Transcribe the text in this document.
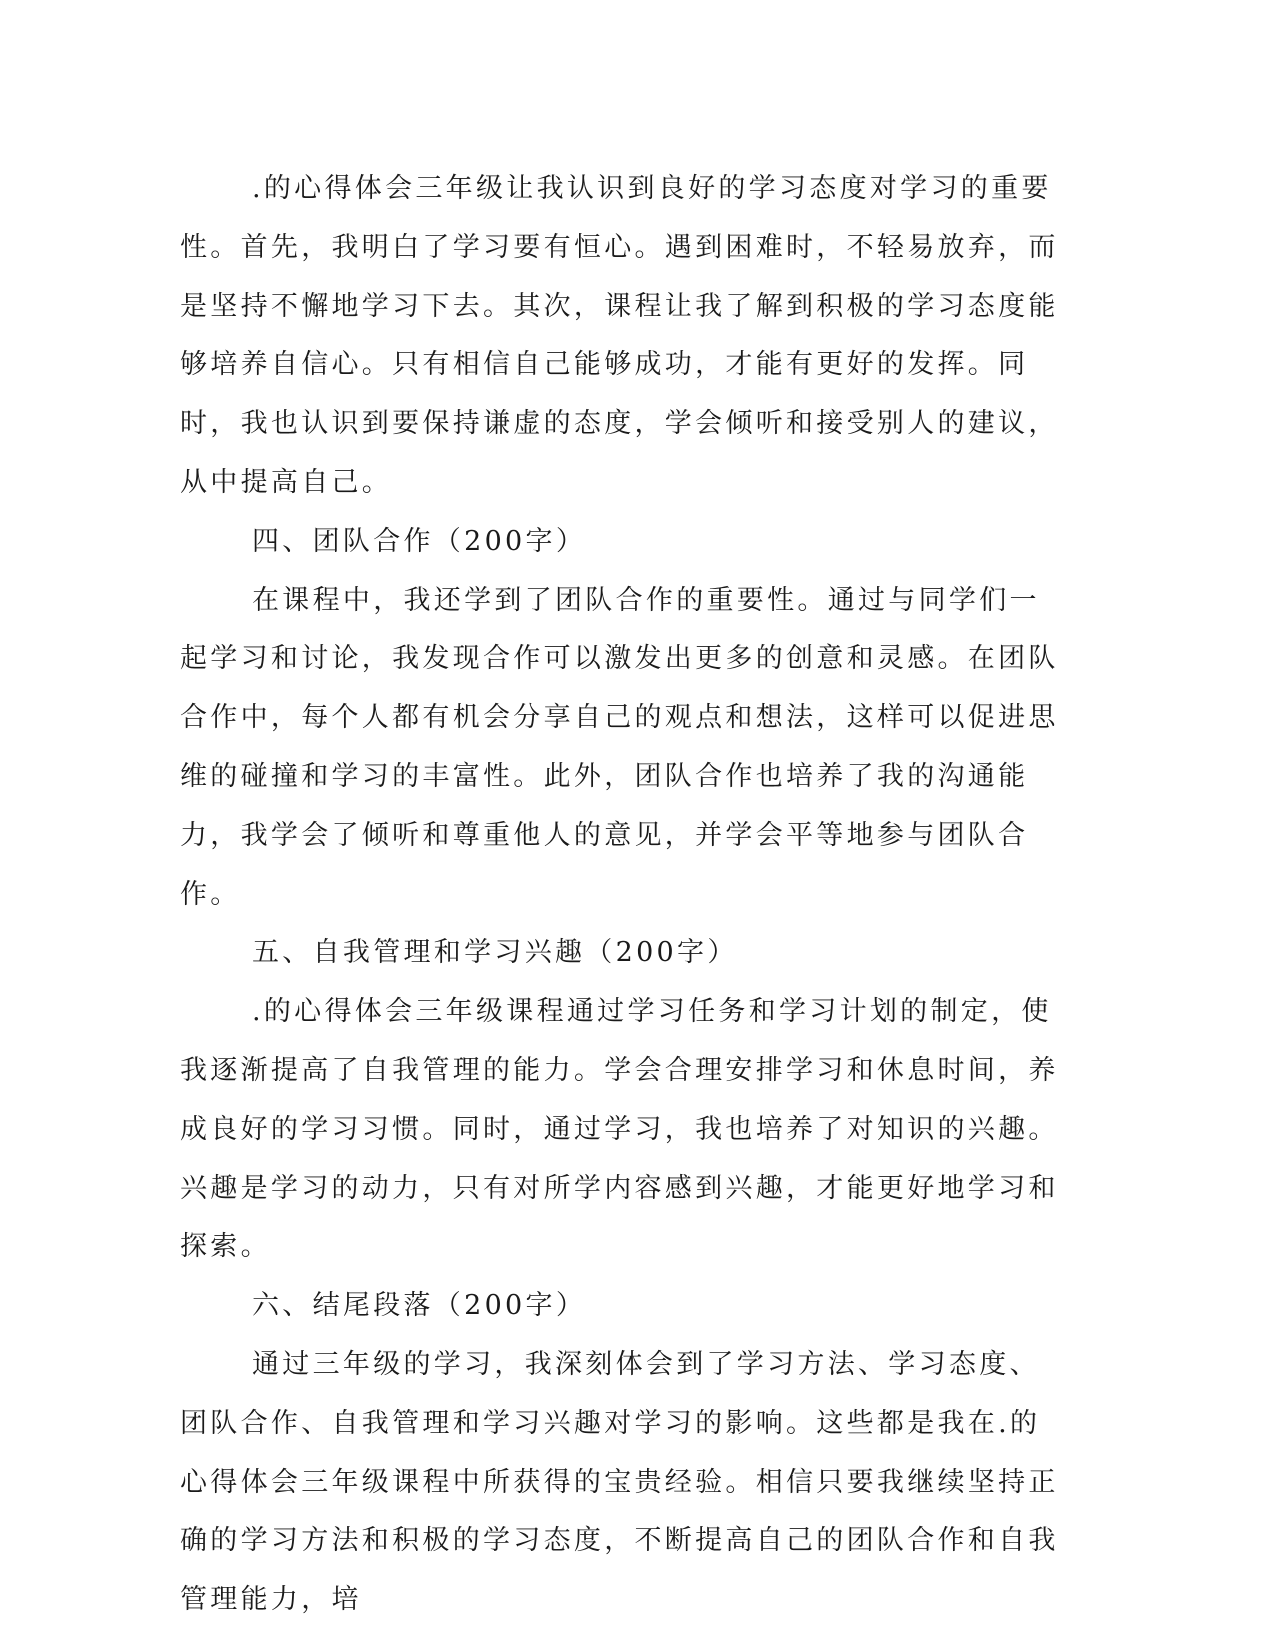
.的心得体会三年级让我认识到良好的学习态度对学习的重要性。首先，我明白了学习要有恒心。遇到困难时，不轻易放弃，而是坚持不懈地学习下去。其次，课程让我了解到积极的学习态度能够培养自信心。只有相信自己能够成功，才能有更好的发挥。同时，我也认识到要保持谦虚的态度，学会倾听和接受别人的建议，从中提高自己。

四、团队合作（200字）

在课程中，我还学到了团队合作的重要性。通过与同学们一起学习和讨论，我发现合作可以激发出更多的创意和灵感。在团队合作中，每个人都有机会分享自己的观点和想法，这样可以促进思维的碰撞和学习的丰富性。此外，团队合作也培养了我的沟通能力，我学会了倾听和尊重他人的意见，并学会平等地参与团队合作。

五、自我管理和学习兴趣（200字）

.的心得体会三年级课程通过学习任务和学习计划的制定，使我逐渐提高了自我管理的能力。学会合理安排学习和休息时间，养成良好的学习习惯。同时，通过学习，我也培养了对知识的兴趣。兴趣是学习的动力，只有对所学内容感到兴趣，才能更好地学习和探索。

六、结尾段落（200字）

通过三年级的学习，我深刻体会到了学习方法、学习态度、团队合作、自我管理和学习兴趣对学习的影响。这些都是我在.的心得体会三年级课程中所获得的宝贵经验。相信只要我继续坚持正确的学习方法和积极的学习态度，不断提高自己的团队合作和自我管理能力，培
